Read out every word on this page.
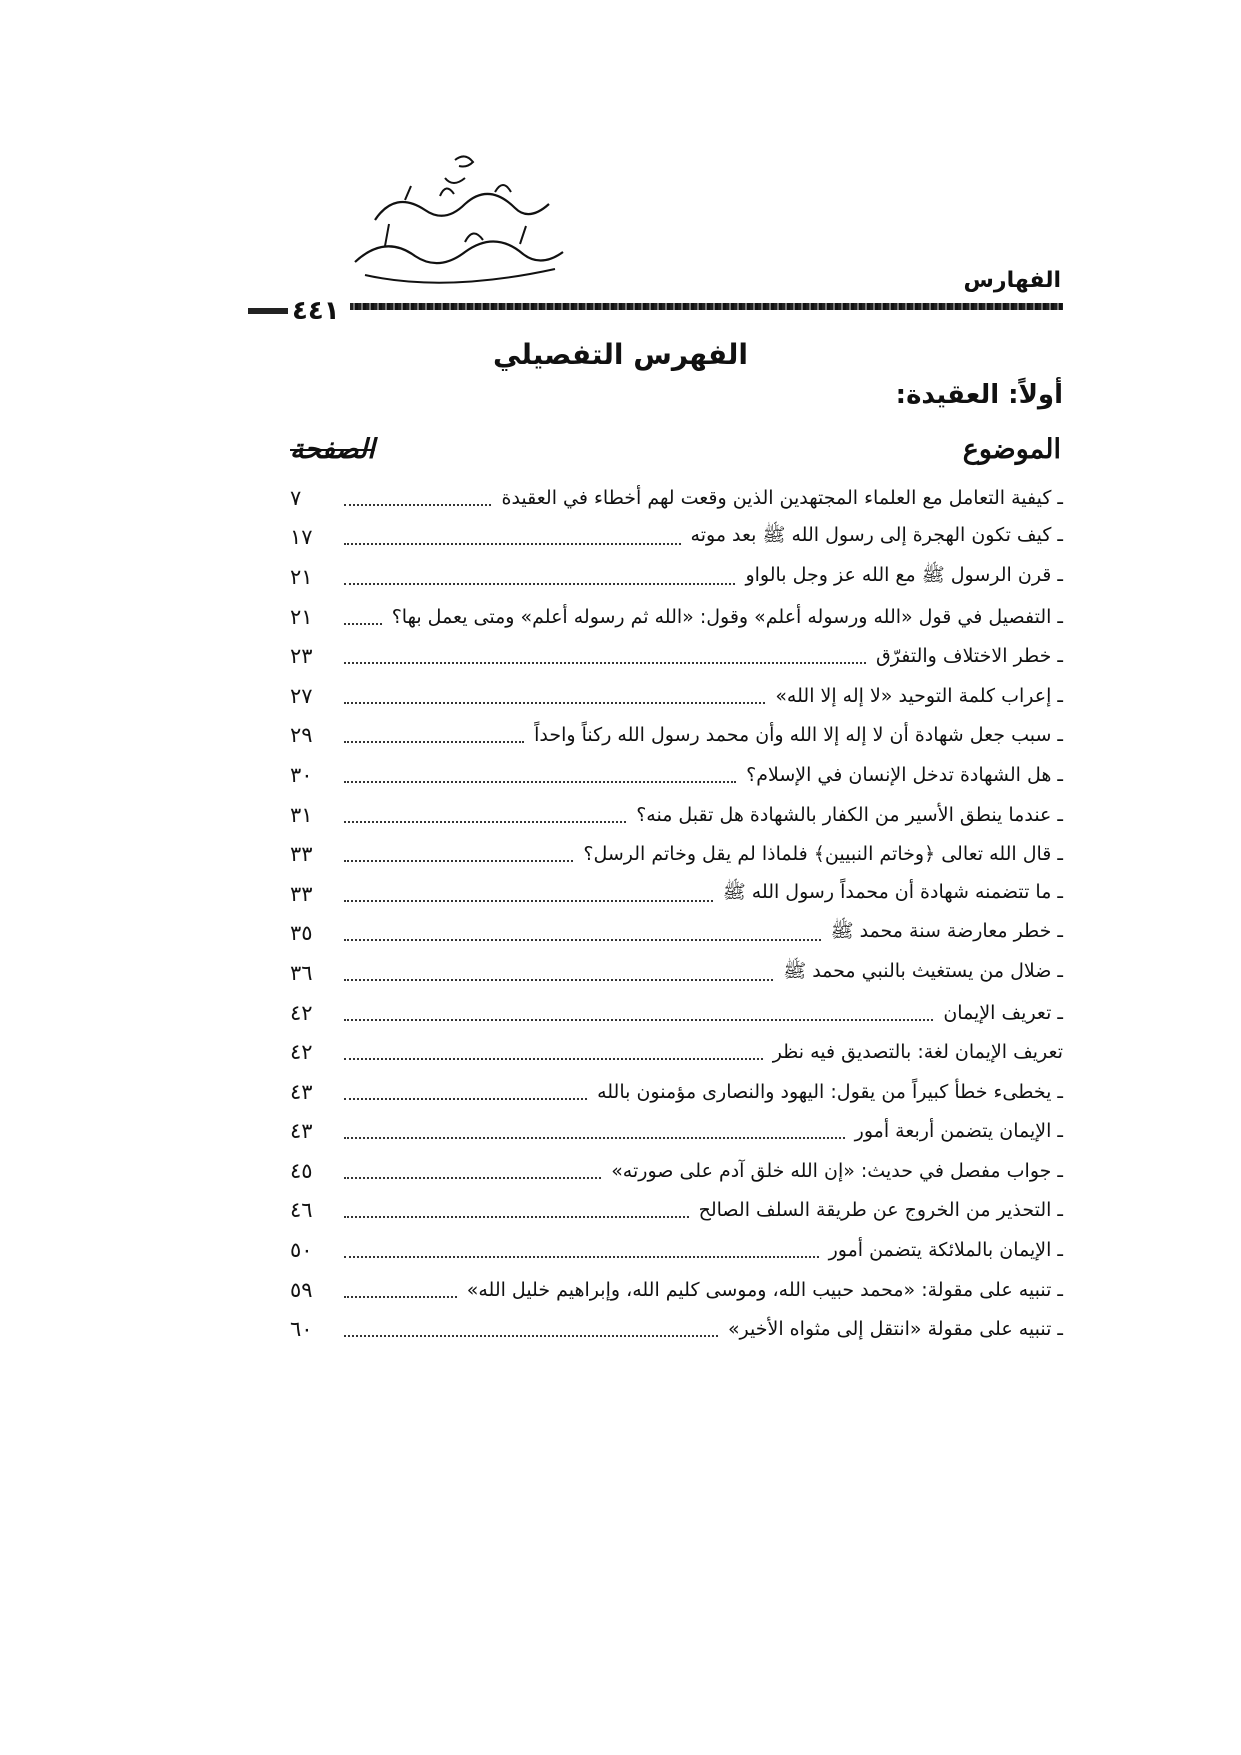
الفهارس
٤٤١
الفهرس التفصيلي
أولاً: العقيدة:
الموضوع
الصفحة
ـ كيفية التعامل مع العلماء المجتهدين الذين وقعت لهم أخطاء في العقيدة
٧
ـ كيف تكون الهجرة إلى رسول الله ﷺ بعد موته
١٧
ـ قرن الرسول ﷺ مع الله عز وجل بالواو
٢١
ـ التفصيل في قول «الله ورسوله أعلم» وقول: «الله ثم رسوله أعلم» ومتى يعمل بها؟
٢١
ـ خطر الاختلاف والتفرّق
٢٣
ـ إعراب كلمة التوحيد «لا إله إلا الله»
٢٧
ـ سبب جعل شهادة أن لا إله إلا الله وأن محمد رسول الله ركناً واحداً
٢٩
ـ هل الشهادة تدخل الإنسان في الإسلام؟
٣٠
ـ عندما ينطق الأسير من الكفار بالشهادة هل تقبل منه؟
٣١
ـ قال الله تعالى ﴿وخاتم النبيين﴾ فلماذا لم يقل وخاتم الرسل؟
٣٣
ـ ما تتضمنه شهادة أن محمداً رسول الله ﷺ
٣٣
ـ خطر معارضة سنة محمد ﷺ
٣٥
ـ ضلال من يستغيث بالنبي محمد ﷺ
٣٦
ـ تعريف الإيمان
٤٢
تعريف الإيمان لغة: بالتصديق فيه نظر
٤٢
ـ يخطىء خطأ كبيراً من يقول: اليهود والنصارى مؤمنون بالله
٤٣
ـ الإيمان يتضمن أربعة أمور
٤٣
ـ جواب مفصل في حديث: «إن الله خلق آدم على صورته»
٤٥
ـ التحذير من الخروج عن طريقة السلف الصالح
٤٦
ـ الإيمان بالملائكة يتضمن أمور
٥٠
ـ تنبيه على مقولة: «محمد حبيب الله، وموسى كليم الله، وإبراهيم خليل الله»
٥٩
ـ تنبيه على مقولة «انتقل إلى مثواه الأخير»
٦٠
